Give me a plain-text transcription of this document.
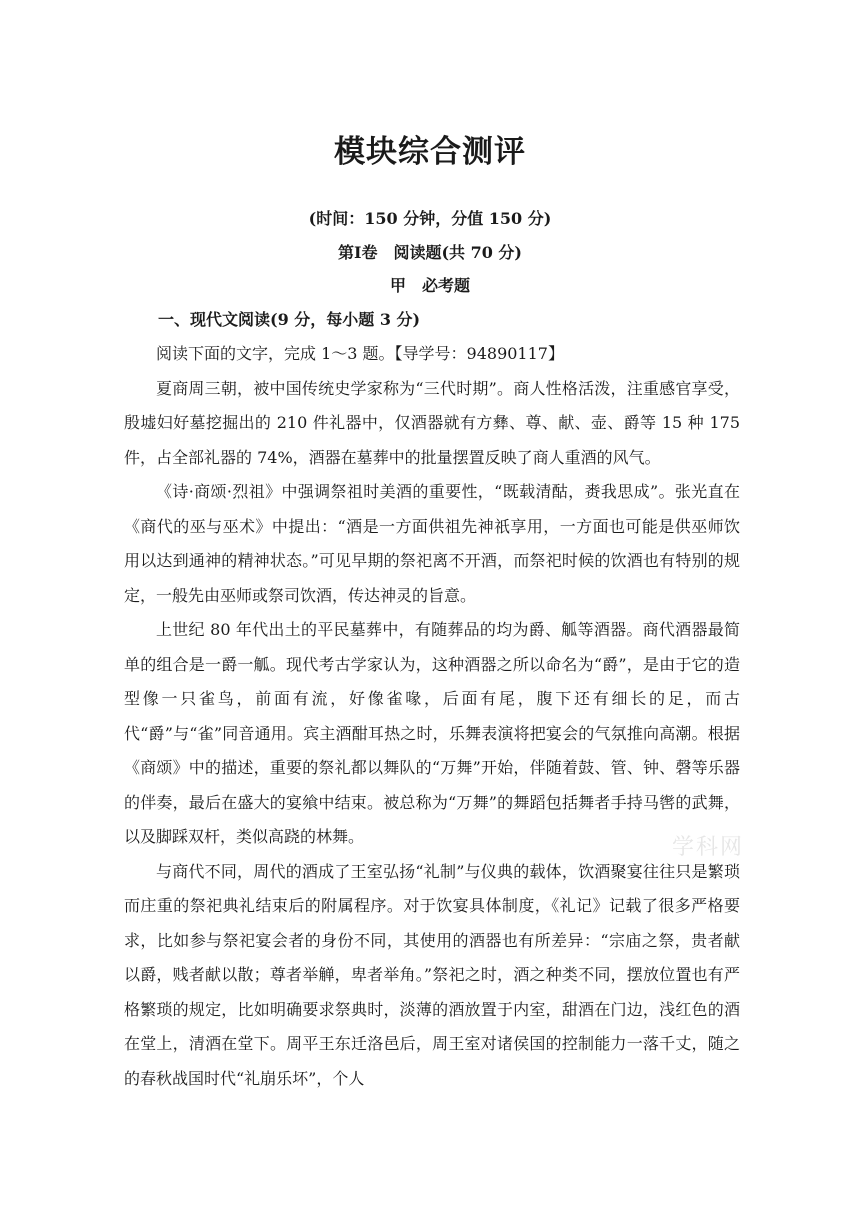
模块综合测评

(时间：150 分钟，分值 150 分)

第Ⅰ卷　阅读题(共 70 分)

甲　必考题

一、现代文阅读(9 分，每小题 3 分)

阅读下面的文字，完成 1～3 题。【导学号：94890117】

夏商周三朝，被中国传统史学家称为“三代时期”。商人性格活泼，注重感官享受，殷墟妇好墓挖掘出的 210 件礼器中，仅酒器就有方彝、尊、献、壶、爵等 15 种 175 件，占全部礼器的 74%，酒器在墓葬中的批量摆置反映了商人重酒的风气。

《诗·商颂·烈祖》中强调祭祖时美酒的重要性，“既载清酤，赉我思成”。张光直在《商代的巫与巫术》中提出：“酒是一方面供祖先神祇享用，一方面也可能是供巫师饮用以达到通神的精神状态。”可见早期的祭祀离不开酒，而祭祀时候的饮酒也有特别的规定，一般先由巫师或祭司饮酒，传达神灵的旨意。

上世纪 80 年代出土的平民墓葬中，有随葬品的均为爵、觚等酒器。商代酒器最简单的组合是一爵一觚。现代考古学家认为，这种酒器之所以命名为“爵”，是由于它的造型像一只雀鸟，前面有流，好像雀喙，后面有尾，腹下还有细长的足，而古代“爵”与“雀”同音通用。宾主酒酣耳热之时，乐舞表演将把宴会的气氛推向高潮。根据《商颂》中的描述，重要的祭礼都以舞队的“万舞”开始，伴随着鼓、管、钟、磬等乐器的伴奏，最后在盛大的宴飨中结束。被总称为“万舞”的舞蹈包括舞者手持马辔的武舞，以及脚踩双杆，类似高跷的林舞。

与商代不同，周代的酒成了王室弘扬“礼制”与仪典的载体，饮酒聚宴往往只是繁琐而庄重的祭祀典礼结束后的附属程序。对于饮宴具体制度，《礼记》记载了很多严格要求，比如参与祭祀宴会者的身份不同，其使用的酒器也有所差异：“宗庙之祭，贵者献以爵，贱者献以散；尊者举觯，卑者举角。”祭祀之时，酒之种类不同，摆放位置也有严格繁琐的规定，比如明确要求祭典时，淡薄的酒放置于内室，甜酒在门边，浅红色的酒在堂上，清酒在堂下。周平王东迁洛邑后，周王室对诸侯国的控制能力一落千丈，随之的春秋战国时代“礼崩乐坏”，个人

学科网
